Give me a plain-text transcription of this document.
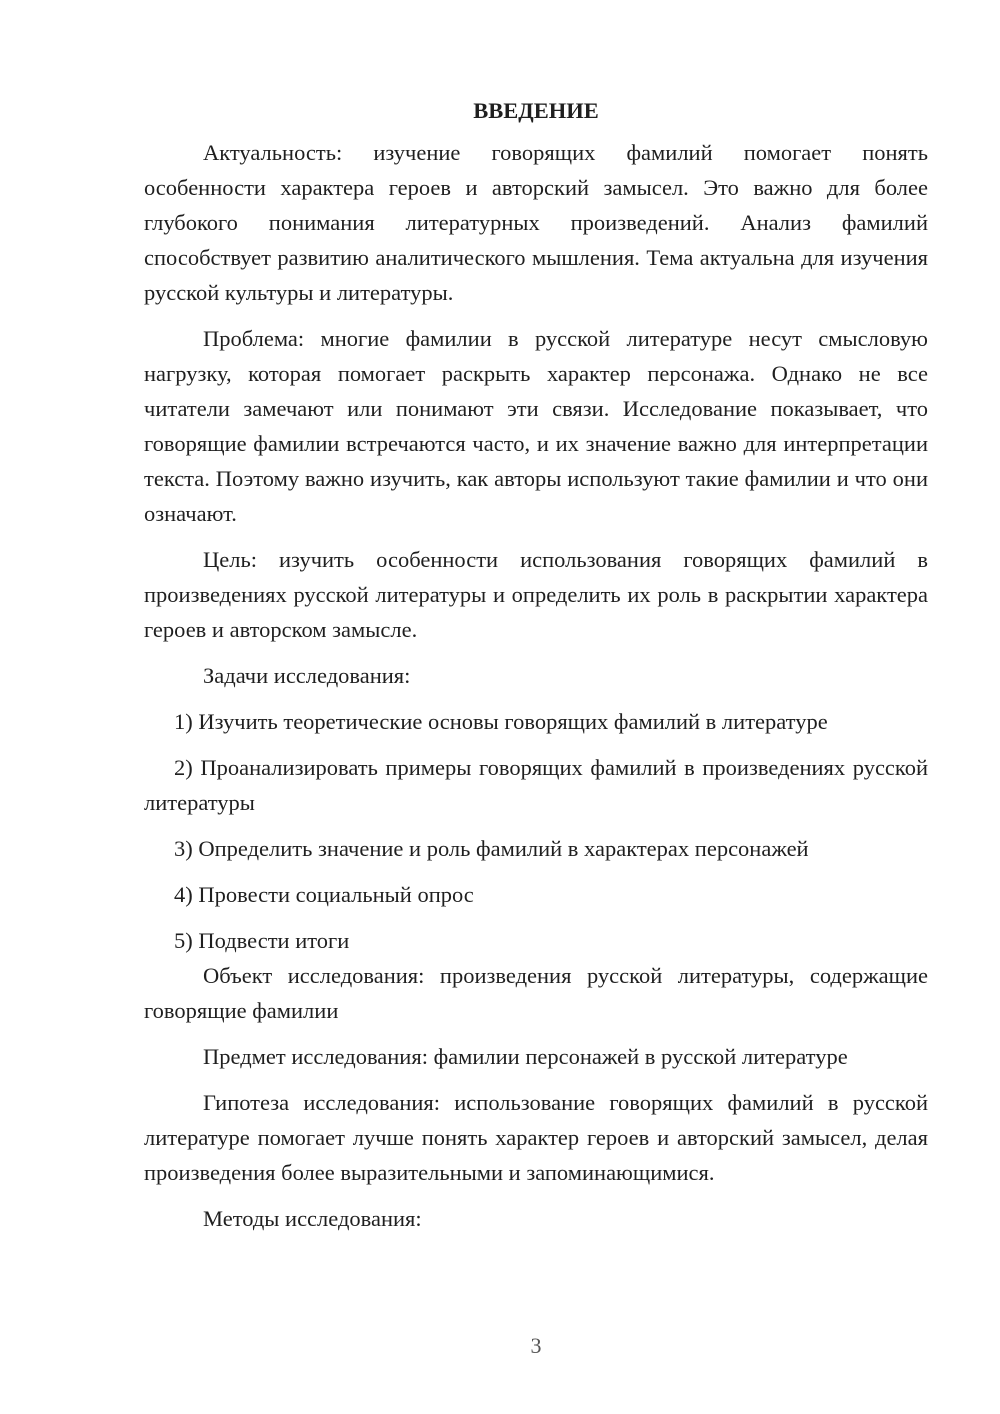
ВВЕДЕНИЕ

Актуальность: изучение говорящих фамилий помогает понять особенности характера героев и авторский замысел. Это важно для более глубокого понимания литературных произведений. Анализ фамилий способствует развитию аналитического мышления. Тема актуальна для изучения русской культуры и литературы.

Проблема: многие фамилии в русской литературе несут смысловую нагрузку, которая помогает раскрыть характер персонажа. Однако не все читатели замечают или понимают эти связи. Исследование показывает, что говорящие фамилии встречаются часто, и их значение важно для интерпретации текста. Поэтому важно изучить, как авторы используют такие фамилии и что они означают.

Цель: изучить особенности использования говорящих фамилий в произведениях русской литературы и определить их роль в раскрытии характера героев и авторском замысле.

Задачи исследования:

1) Изучить теоретические основы говорящих фамилий в литературе

2) Проанализировать примеры говорящих фамилий в произведениях русской литературы

3) Определить значение и роль фамилий в характерах персонажей

4) Провести социальный опрос

5) Подвести итоги

Объект исследования: произведения русской литературы, содержащие говорящие фамилии

Предмет исследования: фамилии персонажей в русской литературе

Гипотеза исследования: использование говорящих фамилий в русской литературе помогает лучше понять характер героев и авторский замысел, делая произведения более выразительными и запоминающимися.

Методы исследования:

3
